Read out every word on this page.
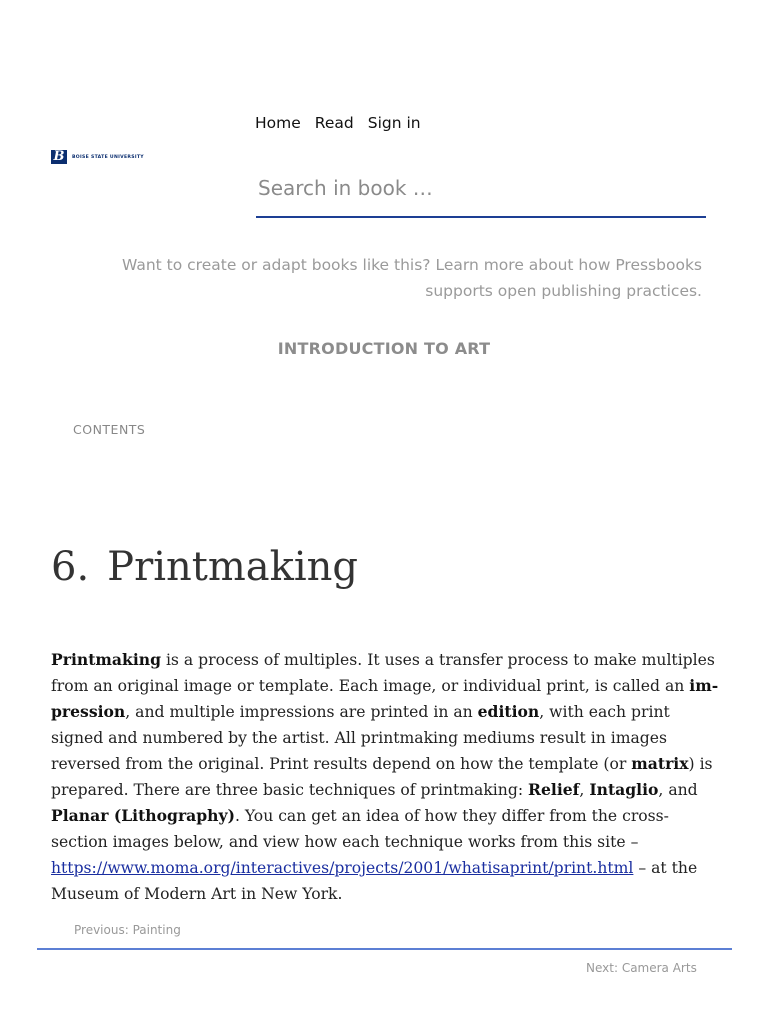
B	BOISE STATE UNIVERSITY
Home Read Sign in
Search in book …
Want to create or adapt books like this? Learn more about how Pressbooks supports open publishing practices.
INTRODUCTION TO ART
CONTENTS
6. Printmaking

Printmaking is a process of multiples. It uses a transfer process to make multiples from an original image or template. Each image, or individual print, is called an impression, and multiple impressions are printed in an edition, with each print signed and numbered by the artist. All printmaking mediums result in images reversed from the original. Print results depend on how the template (or matrix) is prepared. There are three basic techniques of printmaking: Relief, Intaglio, and Planar (Lithography). You can get an idea of how they differ from the cross-section images below, and view how each technique works from this site – https://www.moma.org/interactives/projects/2001/whatisaprint/print.html – at the Museum of Modern Art in New York.

Previous: Painting
Next: Camera Arts
